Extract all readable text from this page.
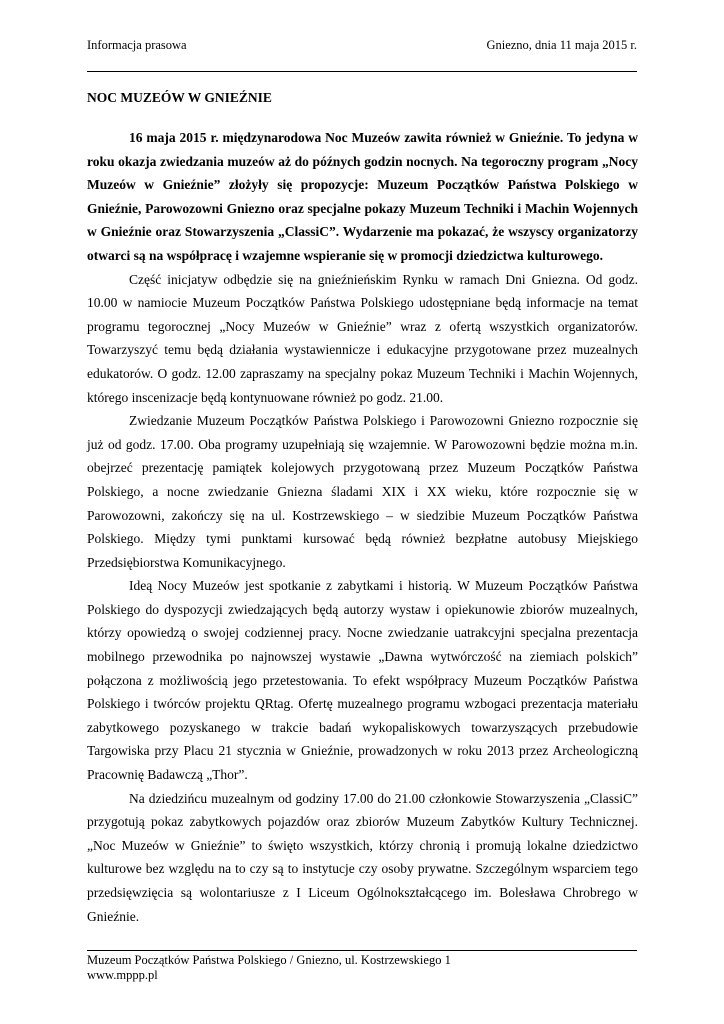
Informacja prasowa	Gniezno, dnia 11 maja 2015 r.
NOC MUZEÓW W GNIEŹNIE

16 maja 2015 r. międzynarodowa Noc Muzeów zawita również w Gnieźnie. To jedyna w roku okazja zwiedzania muzeów aż do późnych godzin nocnych. Na tegoroczny program „Nocy Muzeów w Gnieźnie” złożyły się propozycje: Muzeum Początków Państwa Polskiego w Gnieźnie, Parowozowni Gniezno oraz specjalne pokazy Muzeum Techniki i Machin Wojennych w Gnieźnie oraz Stowarzyszenia „ClassiC”. Wydarzenie ma pokazać, że wszyscy organizatorzy otwarci są na współpracę i wzajemne wspieranie się w promocji dziedzictwa kulturowego.

Część inicjatyw odbędzie się na gnieźnieńskim Rynku w ramach Dni Gniezna. Od godz. 10.00 w namiocie Muzeum Początków Państwa Polskiego udostępniane będą informacje na temat programu tegorocznej „Nocy Muzeów w Gnieźnie” wraz z ofertą wszystkich organizatorów. Towarzyszyć temu będą działania wystawiennicze i edukacyjne przygotowane przez muzealnych edukatorów. O godz. 12.00 zapraszamy na specjalny pokaz Muzeum Techniki i Machin Wojennych, którego inscenizacje będą kontynuowane również po godz. 21.00.

Zwiedzanie Muzeum Początków Państwa Polskiego i Parowozowni Gniezno rozpocznie się już od godz. 17.00. Oba programy uzupełniają się wzajemnie. W Parowozowni będzie można m.in. obejrzeć prezentację pamiątek kolejowych przygotowaną przez Muzeum Początków Państwa Polskiego, a nocne zwiedzanie Gniezna śladami XIX i XX wieku, które rozpocznie się w Parowozowni, zakończy się na ul. Kostrzewskiego – w siedzibie Muzeum Początków Państwa Polskiego. Między tymi punktami kursować będą również bezpłatne autobusy Miejskiego Przedsiębiorstwa Komunikacyjnego.

Ideą Nocy Muzeów jest spotkanie z zabytkami i historią. W Muzeum Początków Państwa Polskiego do dyspozycji zwiedzających będą autorzy wystaw i opiekunowie zbiorów muzealnych, którzy opowiedzą o swojej codziennej pracy. Nocne zwiedzanie uatrakcyjni specjalna prezentacja mobilnego przewodnika po najnowszej wystawie „Dawna wytwórczość na ziemiach polskich” połączona z możliwością jego przetestowania. To efekt współpracy Muzeum Początków Państwa Polskiego i twórców projektu QRtag. Ofertę muzealnego programu wzbogaci prezentacja materiału zabytkowego pozyskanego w trakcie badań wykopaliskowych towarzyszących przebudowie Targowiska przy Placu 21 stycznia w Gnieźnie, prowadzonych w roku 2013 przez Archeologiczną Pracownię Badawczą „Thor”.

Na dziedzińcu muzealnym od godziny 17.00 do 21.00 członkowie Stowarzyszenia „ClassiC” przygotują pokaz zabytkowych pojazdów oraz zbiorów Muzeum Zabytków Kultury Technicznej. „Noc Muzeów w Gnieźnie” to święto wszystkich, którzy chronią i promują lokalne dziedzictwo kulturowe bez względu na to czy są to instytucje czy osoby prywatne. Szczególnym wsparciem tego przedsięwzięcia są wolontariusze z I Liceum Ogólnokształcącego im. Bolesława Chrobrego w Gnieźnie.

Muzeum Początków Państwa Polskiego / Gniezno, ul. Kostrzewskiego 1
www.mppp.pl
